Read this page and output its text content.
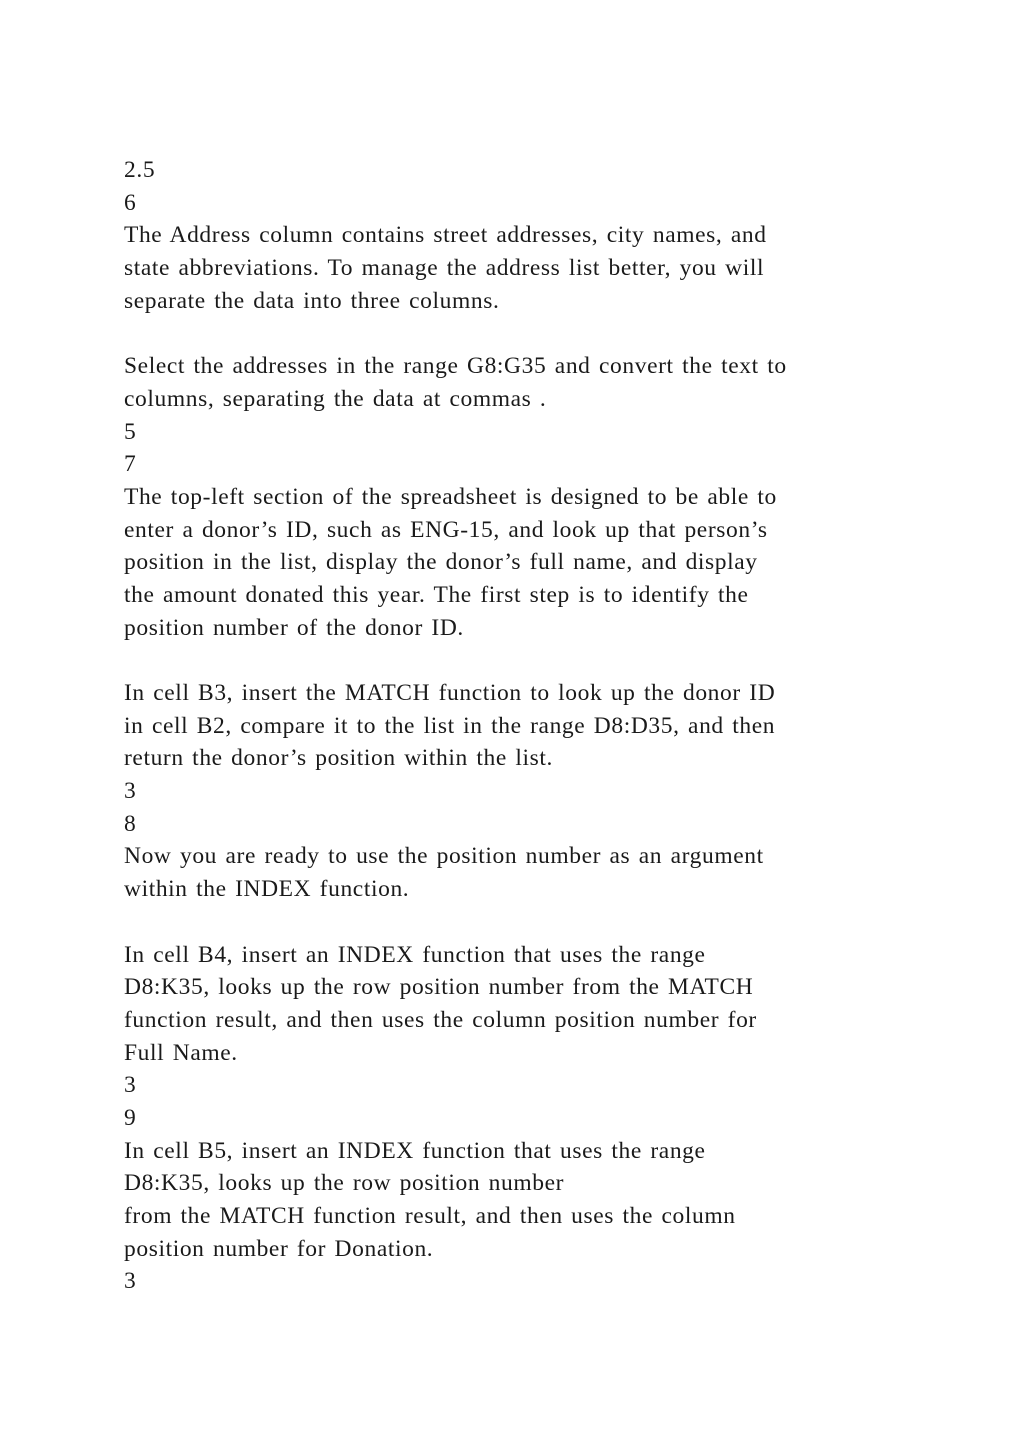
2.5
6
The Address column contains street addresses, city names, and
state abbreviations. To manage the address list better, you will
separate the data into three columns.
Select the addresses in the range G8:G35 and convert the text to
columns, separating the data at commas .
5
7
The top-left section of the spreadsheet is designed to be able to
enter a donor’s ID, such as ENG-15, and look up that person’s
position in the list, display the donor’s full name, and display
the amount donated this year. The first step is to identify the
position number of the donor ID.
In cell B3, insert the MATCH function to look up the donor ID
in cell B2, compare it to the list in the range D8:D35, and then
return the donor’s position within the list.
3
8
Now you are ready to use the position number as an argument
within the INDEX function.
In cell B4, insert an INDEX function that uses the range
D8:K35, looks up the row position number from the MATCH
function result, and then uses the column position number for
Full Name.
3
9
In cell B5, insert an INDEX function that uses the range
D8:K35, looks up the row position number
from the MATCH function result, and then uses the column
position number for Donation.
3
